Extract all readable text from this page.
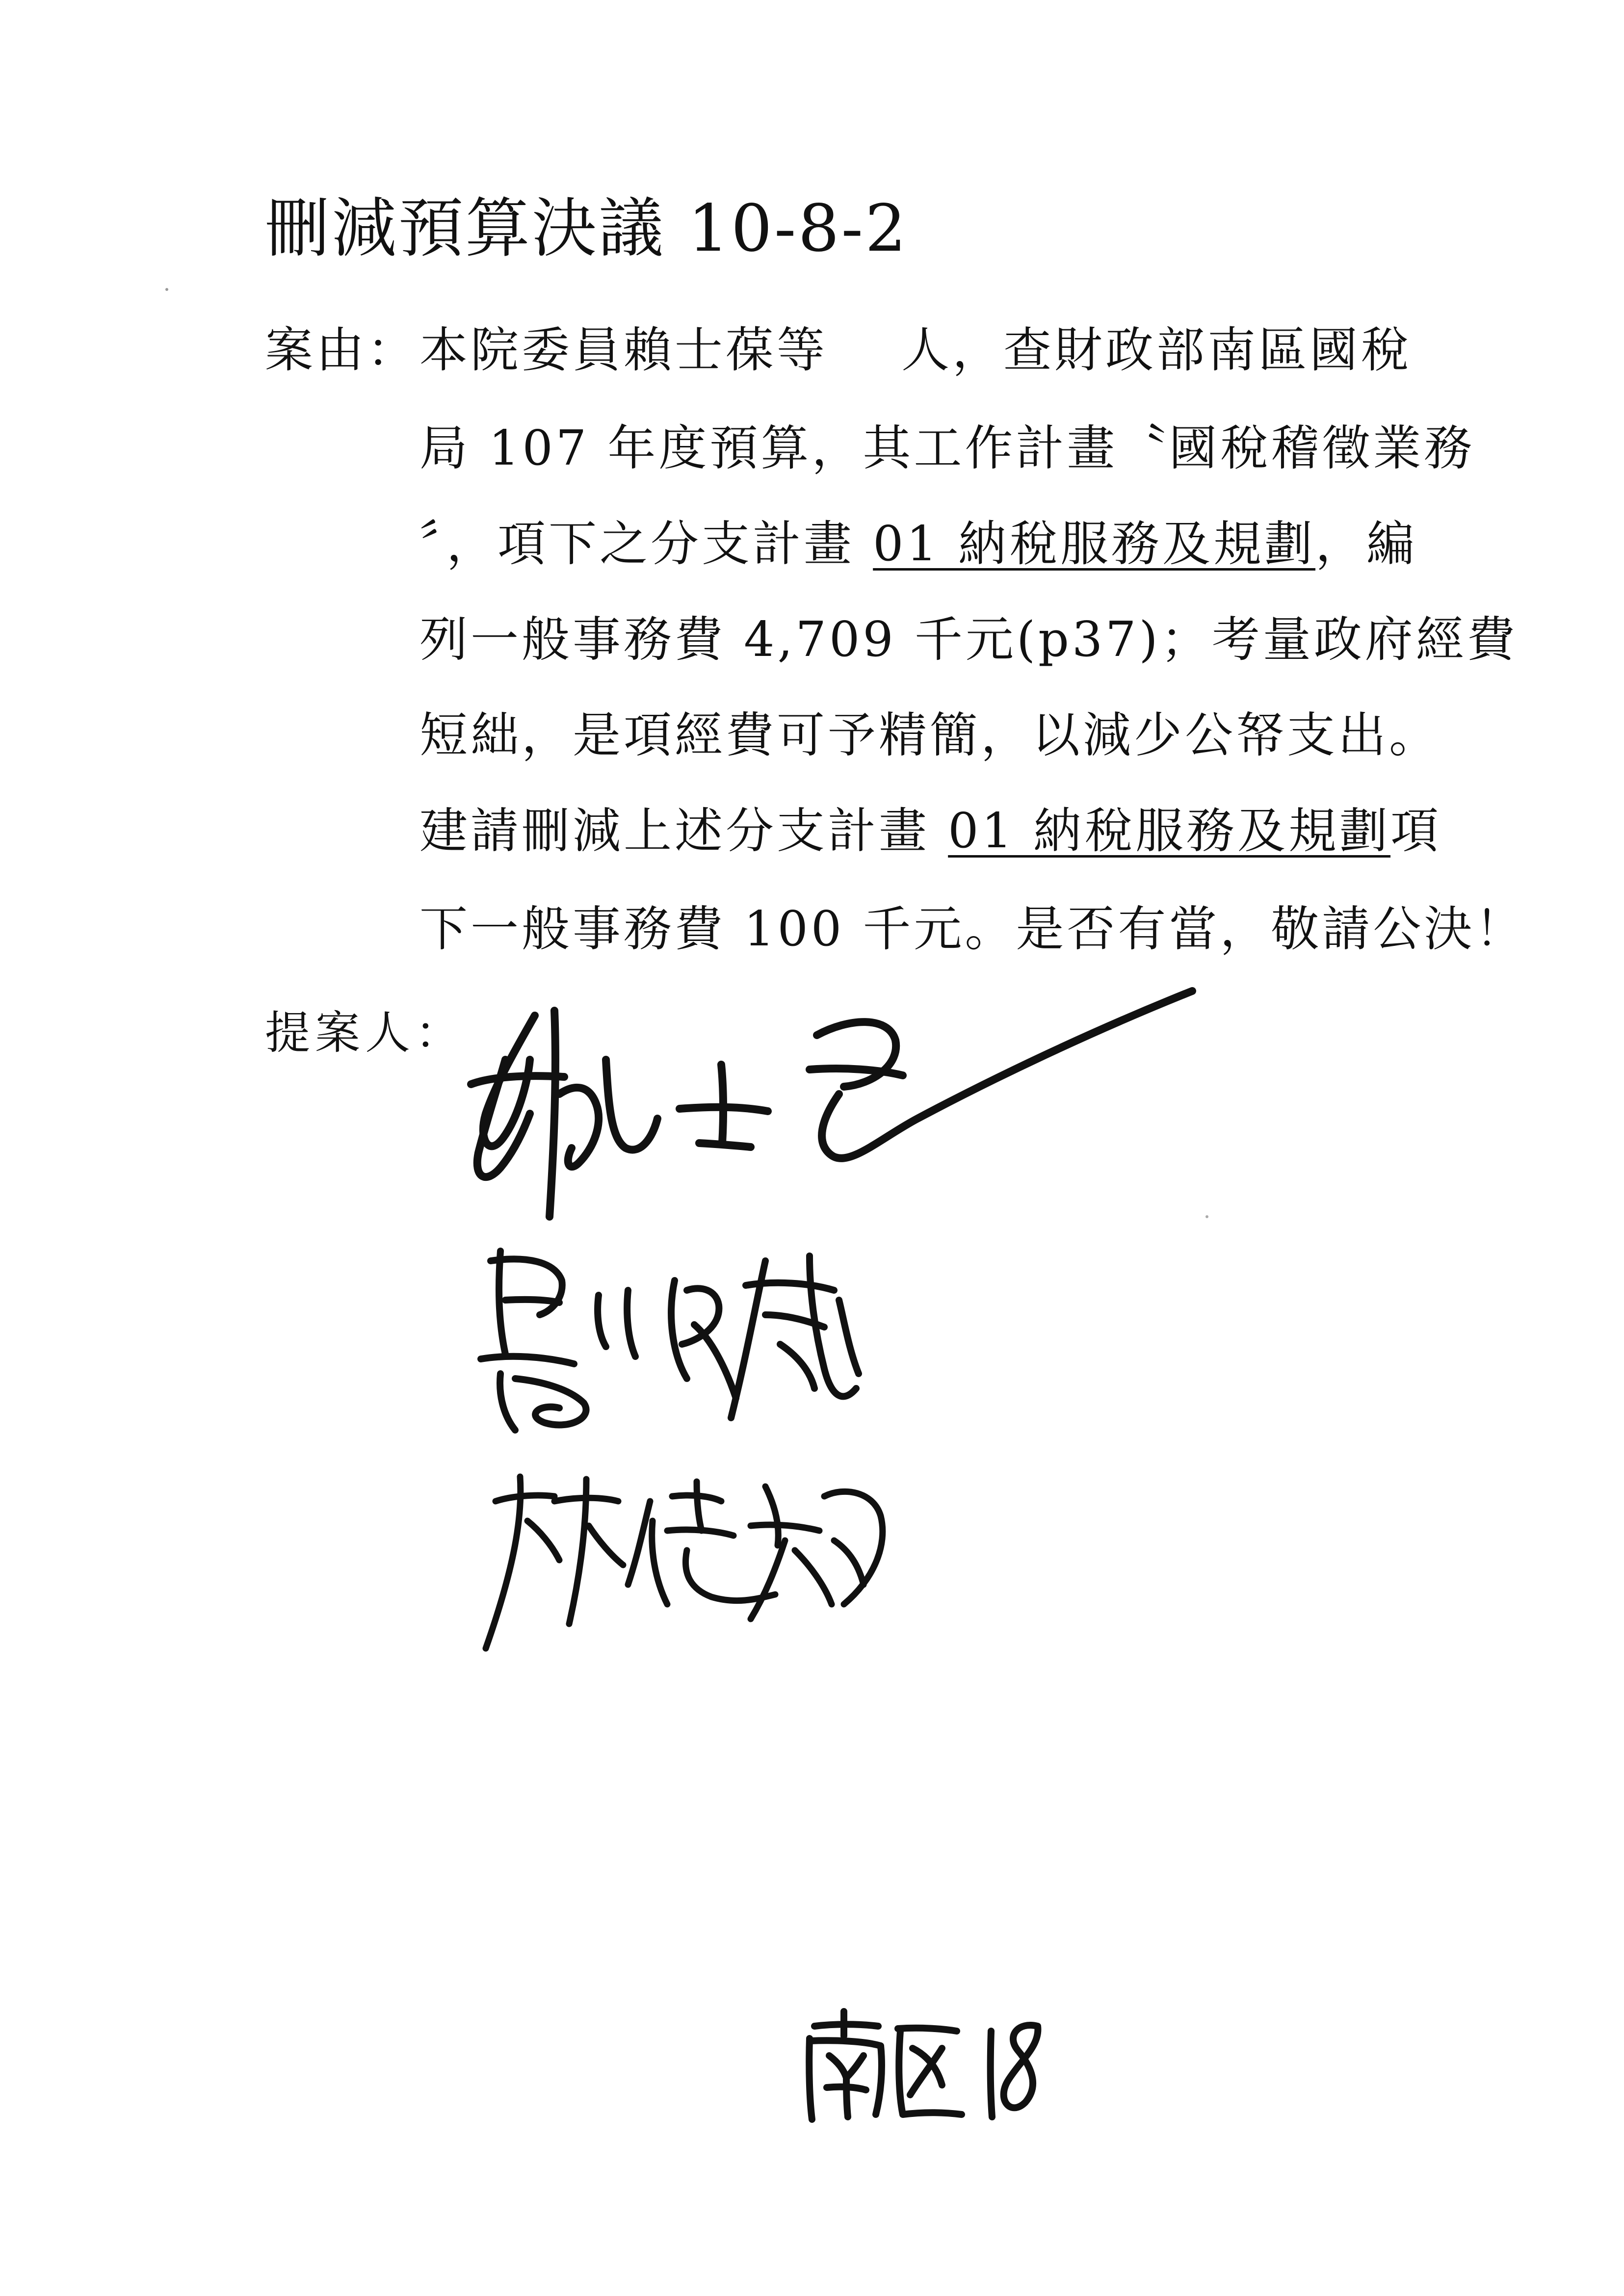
刪減預算決議 10-8-2
案由： 本院委員賴士葆等 人，查財政部南區國稅
局 107 年度預算，其工作計畫〝國稅稽徵業務
〞，項下之分支計畫 01 納稅服務及規劃，編
列一般事務費 4,709 千元(p37)；考量政府經費
短絀，是項經費可予精簡，以減少公帑支出。
建請刪減上述分支計畫 01 納稅服務及規劃項
下一般事務費 100 千元。是否有當，敬請公決！
提案人：
